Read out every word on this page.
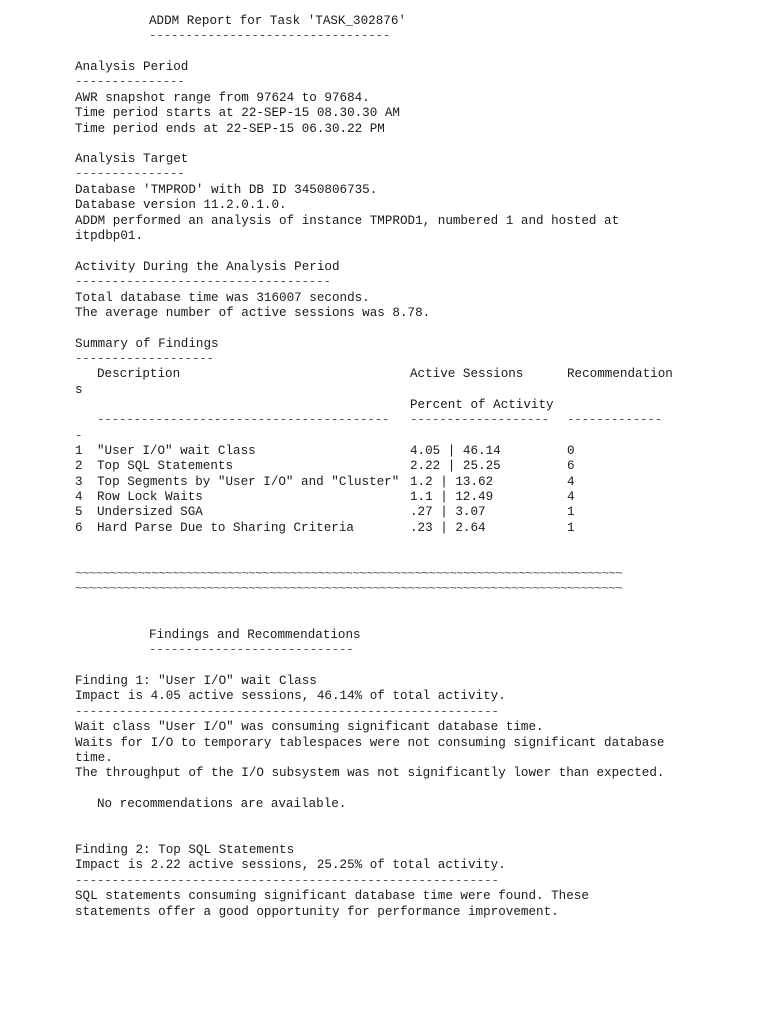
ADDM Report for Task 'TASK_302876'
---------------------------------
Analysis Period
---------------
AWR snapshot range from 97624 to 97684.
Time period starts at 22-SEP-15 08.30.30 AM
Time period ends at 22-SEP-15 06.30.22 PM
Analysis Target
---------------
Database 'TMPROD' with DB ID 3450806735.
Database version 11.2.0.1.0.
ADDM performed an analysis of instance TMPROD1, numbered 1 and hosted at
itpdbp01.
Activity During the Analysis Period
-----------------------------------
Total database time was 316007 seconds.
The average number of active sessions was 8.78.
Summary of Findings
-------------------
Description	Active Sessions	Recommendation
s
Percent of Activity
---------------------------------------- ------------------- -------------
-
1 "User I/O" wait Class	4.05 | 46.14	0
2 Top SQL Statements	2.22 | 25.25	6
3 Top Segments by "User I/O" and "Cluster" 1.2 | 13.62	4
4 Row Lock Waits	1.1 | 12.49	4
5 Undersized SGA	.27 | 3.07	1
6 Hard Parse Due to Sharing Criteria	.23 | 2.64	1
~~~~~~~~~~~~~~~~~~~~~~~~~~~~~~~~~~~~~~~~~~~~~~~~~~~~~~~~~~~~~~~~~~~~~~~~~~~~~~~
~~~~~~~~~~~~~~~~~~~~~~~~~~~~~~~~~~~~~~~~~~~~~~~~~~~~~~~~~~~~~~~~~~~~~~~~~~~~~~~
Findings and Recommendations
----------------------------
Finding 1: "User I/O" wait Class
Impact is 4.05 active sessions, 46.14% of total activity.
----------------------------------------------------------
Wait class "User I/O" was consuming significant database time.
Waits for I/O to temporary tablespaces were not consuming significant database
time.
The throughput of the I/O subsystem was not significantly lower than expected.
No recommendations are available.
Finding 2: Top SQL Statements
Impact is 2.22 active sessions, 25.25% of total activity.
----------------------------------------------------------
SQL statements consuming significant database time were found. These
statements offer a good opportunity for performance improvement.
